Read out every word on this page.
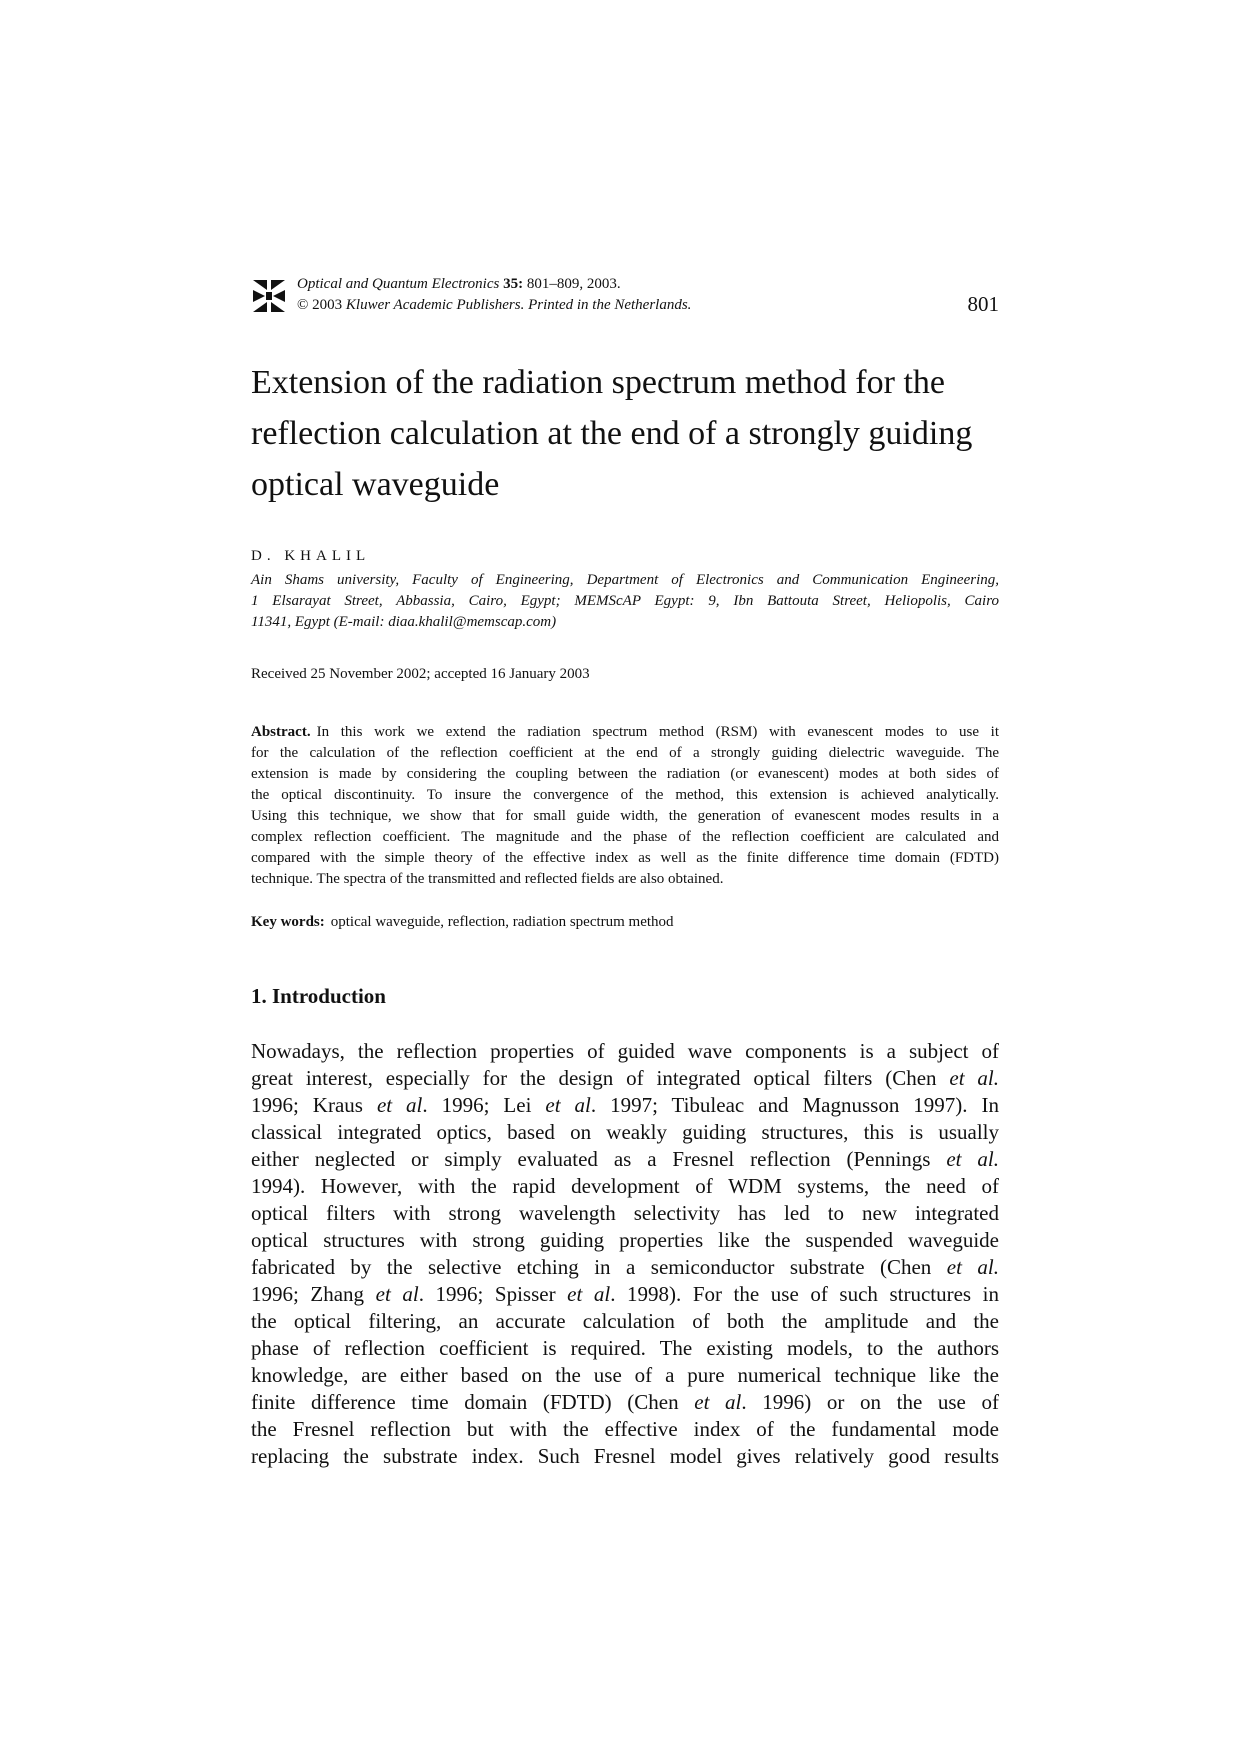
Optical and Quantum Electronics 35: 801–809, 2003.
© 2003 Kluwer Academic Publishers. Printed in the Netherlands.	801
Extension of the radiation spectrum method for the
reflection calculation at the end of a strongly guiding
optical waveguide
D. KHALIL
Ain Shams university, Faculty of Engineering, Department of Electronics and Communication Engineering,
1 Elsarayat Street, Abbassia, Cairo, Egypt; MEMScAP Egypt: 9, Ibn Battouta Street, Heliopolis, Cairo
11341, Egypt (E-mail: diaa.khalil@memscap.com)
Received 25 November 2002; accepted 16 January 2003
Abstract. In this work we extend the radiation spectrum method (RSM) with evanescent modes to use it
for the calculation of the reflection coefficient at the end of a strongly guiding dielectric waveguide. The
extension is made by considering the coupling between the radiation (or evanescent) modes at both sides of
the optical discontinuity. To insure the convergence of the method, this extension is achieved analytically.
Using this technique, we show that for small guide width, the generation of evanescent modes results in a
complex reflection coefficient. The magnitude and the phase of the reflection coefficient are calculated and
compared with the simple theory of the effective index as well as the finite difference time domain (FDTD)
technique. The spectra of the transmitted and reflected fields are also obtained.
Key words: optical waveguide, reflection, radiation spectrum method
1. Introduction
Nowadays, the reflection properties of guided wave components is a subject of
great interest, especially for the design of integrated optical filters (Chen et al.
1996; Kraus et al. 1996; Lei et al. 1997; Tibuleac and Magnusson 1997). In
classical integrated optics, based on weakly guiding structures, this is usually
either neglected or simply evaluated as a Fresnel reflection (Pennings et al.
1994). However, with the rapid development of WDM systems, the need of
optical filters with strong wavelength selectivity has led to new integrated
optical structures with strong guiding properties like the suspended waveguide
fabricated by the selective etching in a semiconductor substrate (Chen et al.
1996; Zhang et al. 1996; Spisser et al. 1998). For the use of such structures in
the optical filtering, an accurate calculation of both the amplitude and the
phase of reflection coefficient is required. The existing models, to the authors
knowledge, are either based on the use of a pure numerical technique like the
finite difference time domain (FDTD) (Chen et al. 1996) or on the use of
the Fresnel reflection but with the effective index of the fundamental mode
replacing the substrate index. Such Fresnel model gives relatively good results
